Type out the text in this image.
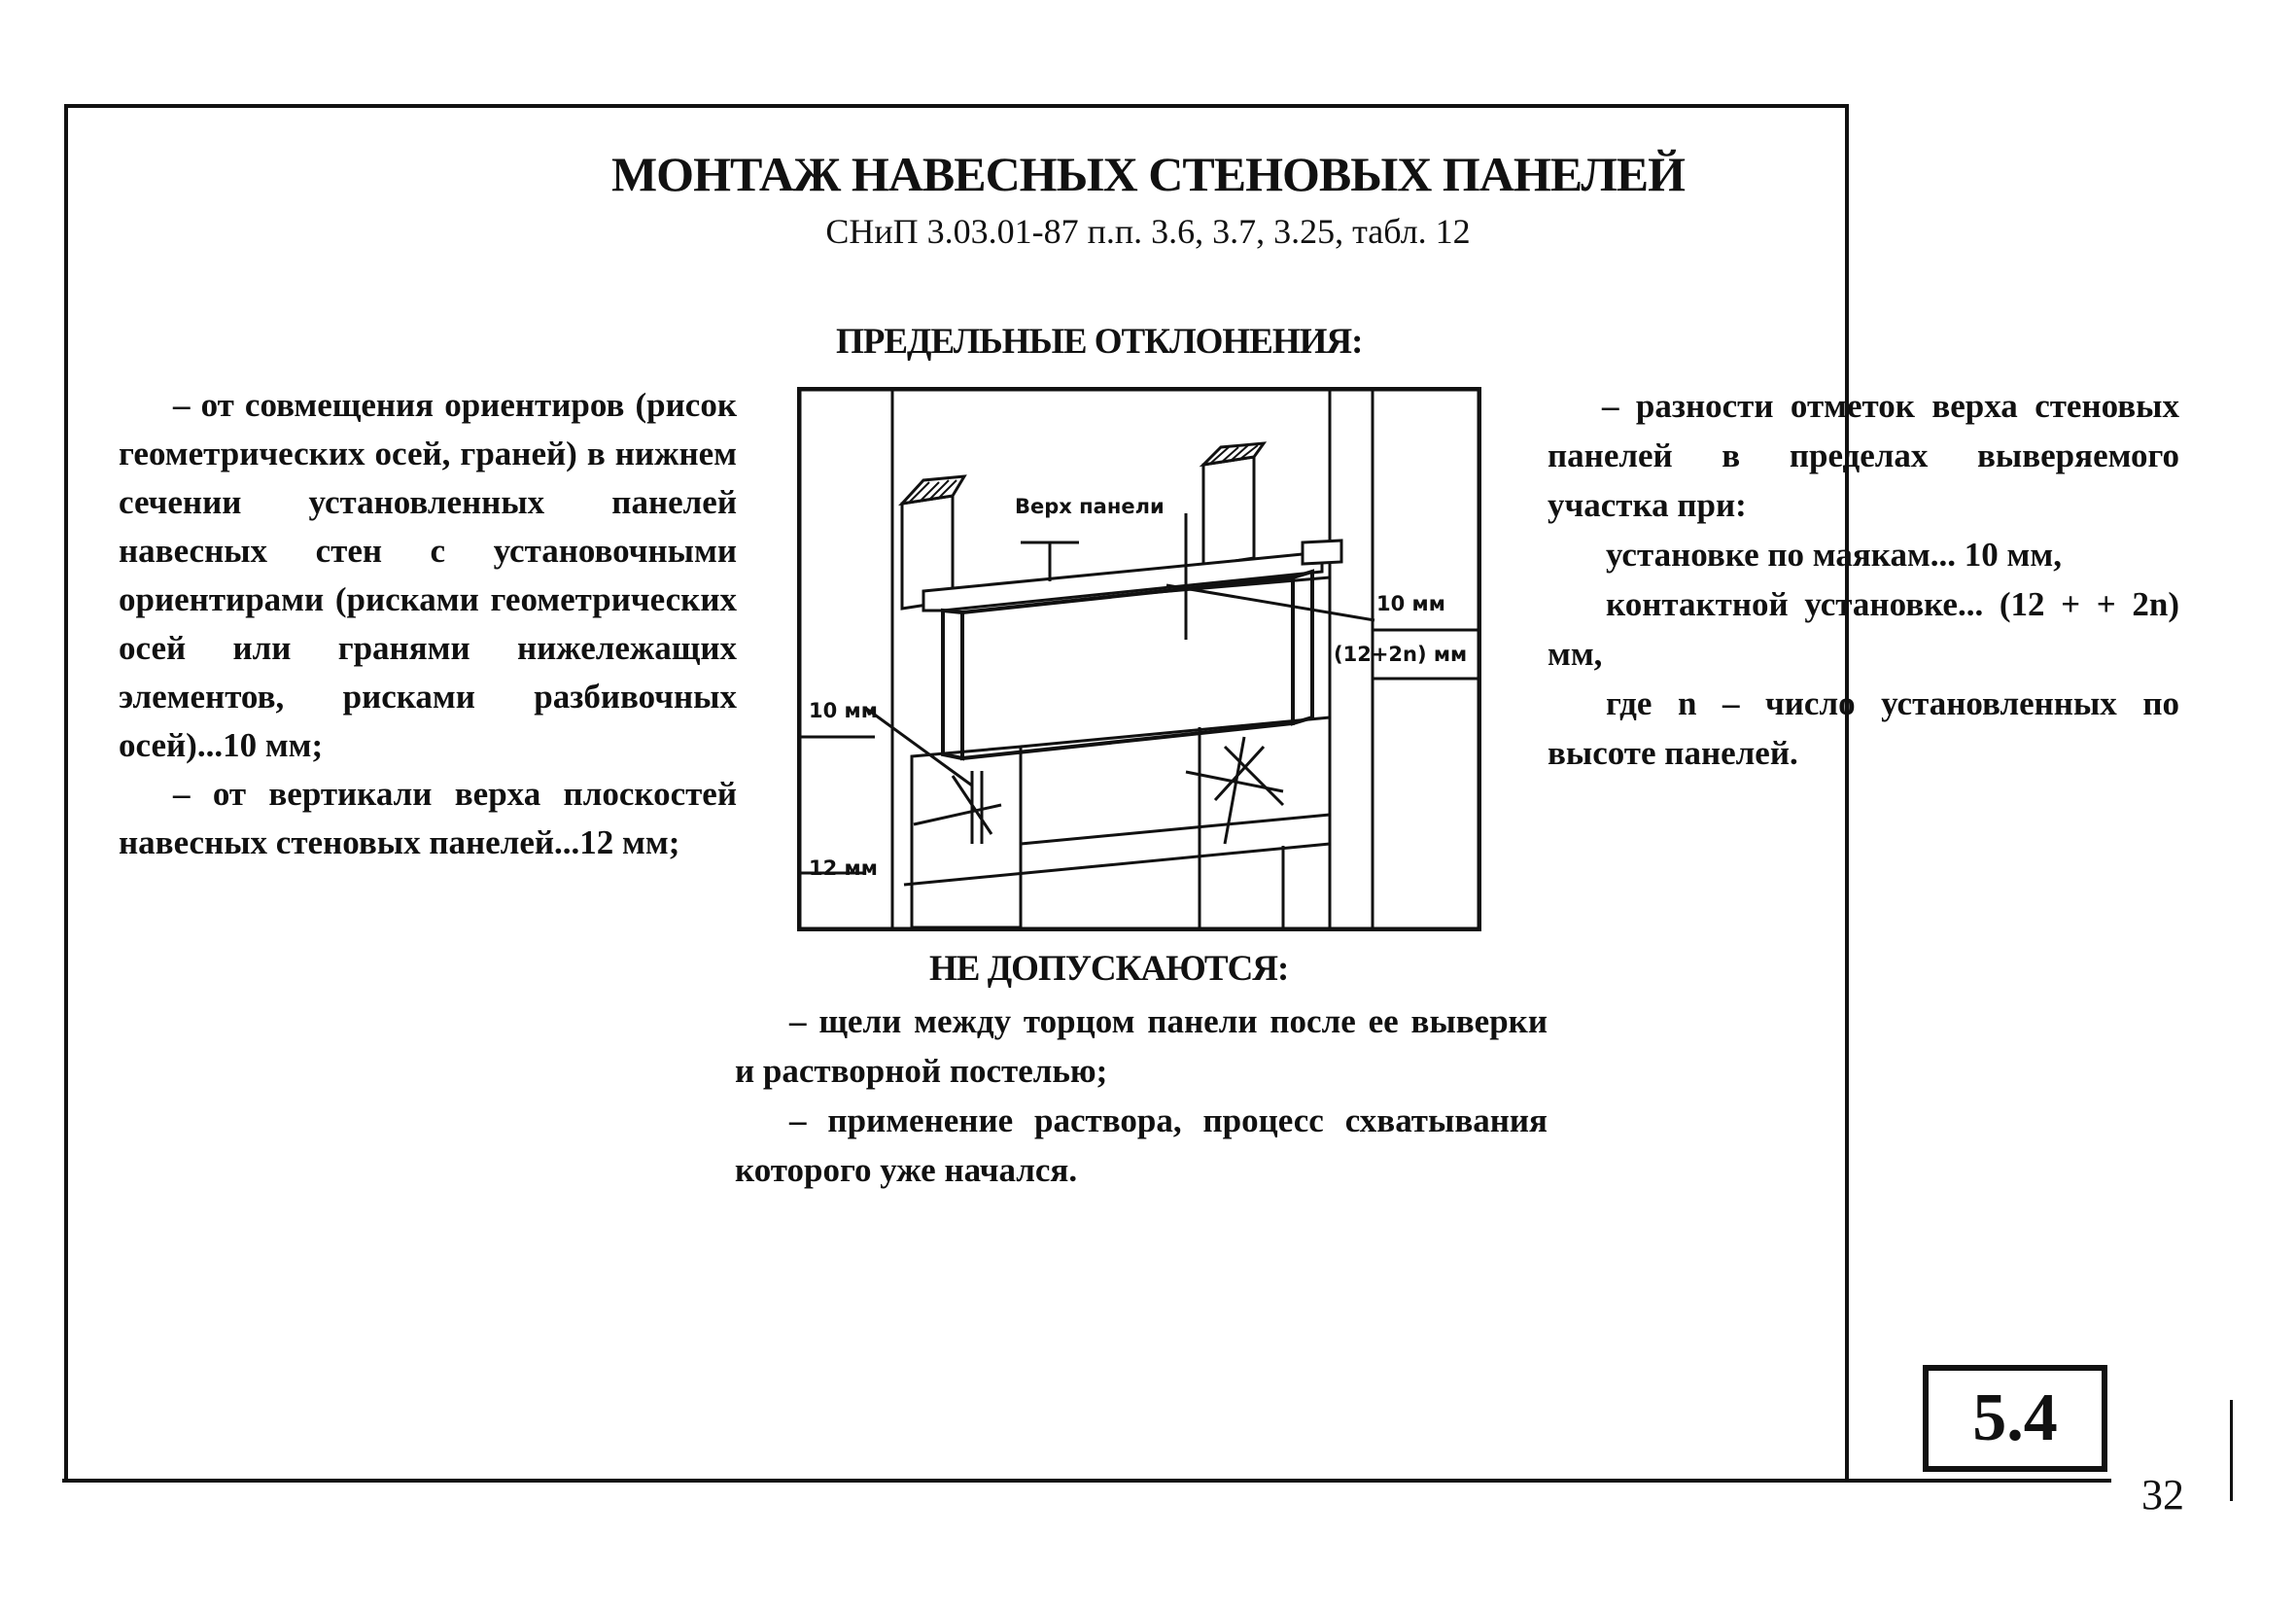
МОНТАЖ НАВЕСНЫХ СТЕНОВЫХ ПАНЕЛЕЙ
СНиП 3.03.01-87 п.п. 3.6, 3.7, 3.25, табл. 12
ПРЕДЕЛЬНЫЕ ОТКЛОНЕНИЯ:

– от совмещения ориентиров (рисок геометрических осей, граней) в нижнем сечении установленных панелей навесных стен с установочными ориентирами (рисками геометрических осей или гранями нижележащих элементов, рисками разбивочных осей)...10 мм;

– от вертикали верха плоскостей навесных стеновых панелей...12 мм;

– разности отметок верха стеновых панелей в пределах выверяемого участка при:

установке по маякам... 10 мм,

контактной установке... (12 + + 2n) мм,

где n – число установленных по высоте панелей.

Верх панели
10 мм
(12+2n) мм
10 мм
12 мм
НЕ ДОПУСКАЮТСЯ:

– щели между торцом панели после ее выверки и растворной постелью;

– применение раствора, процесс схватывания которого уже начался.

5.4
32
